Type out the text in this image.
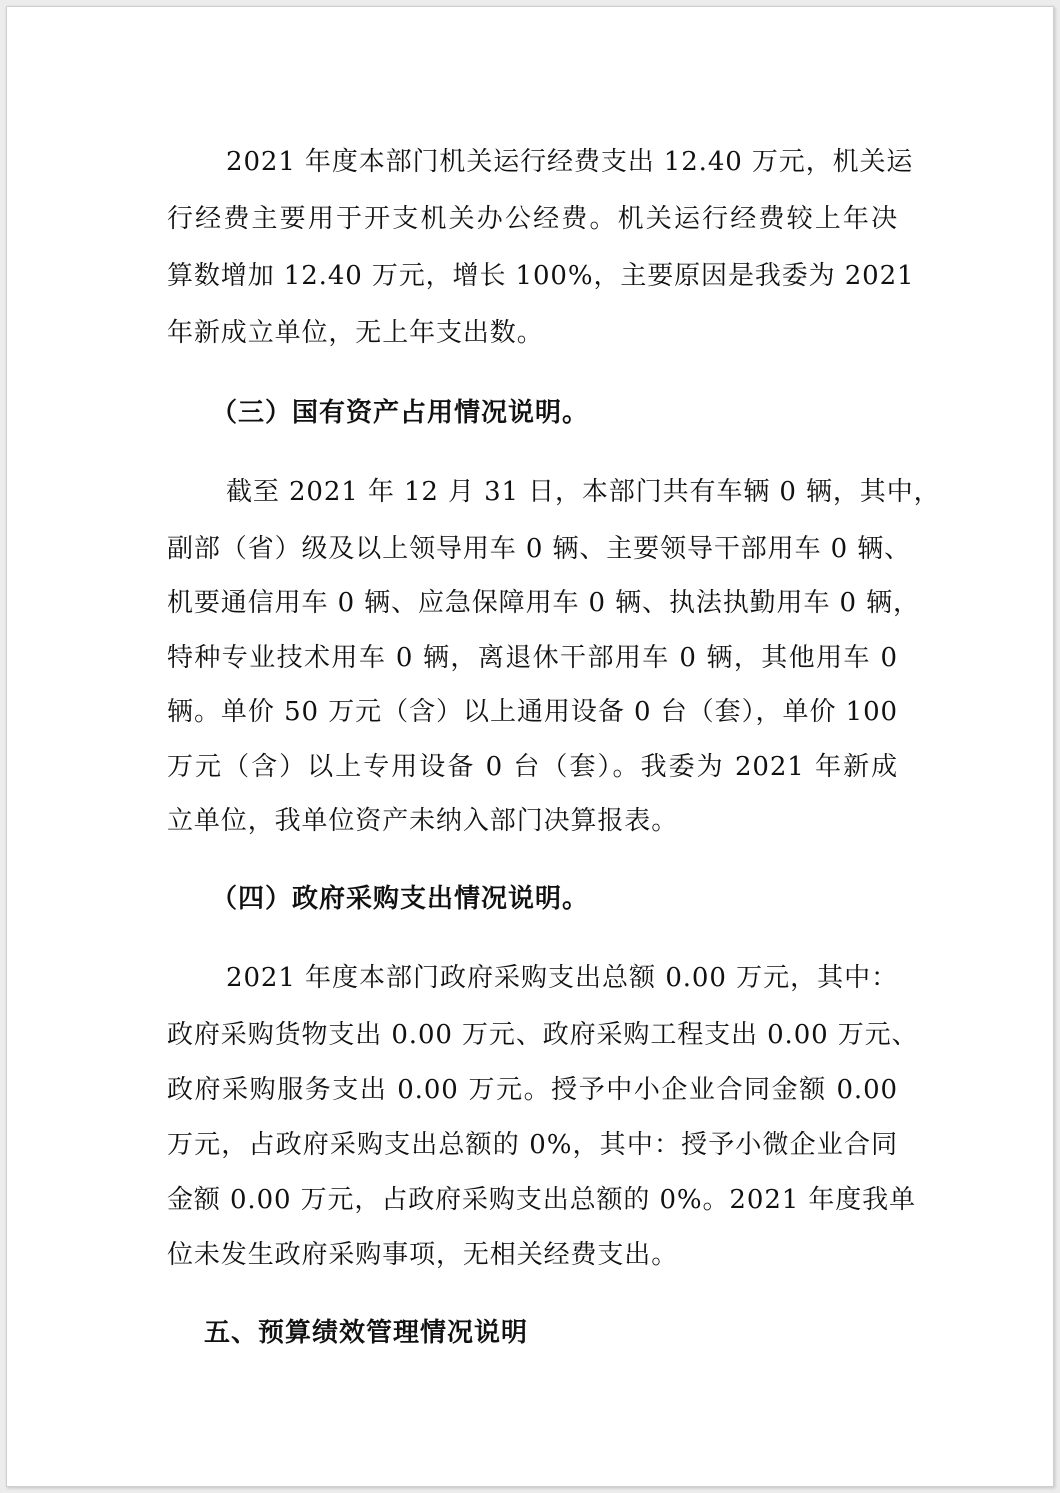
2021 年度本部门机关运行经费支出 12.40 万元，机关运
行经费主要用于开支机关办公经费。机关运行经费较上年决
算数增加 12.40 万元，增长 100%，主要原因是我委为 2021
年新成立单位，无上年支出数。
（三）国有资产占用情况说明。
截至 2021 年 12 月 31 日，本部门共有车辆 0 辆，其中，
副部（省）级及以上领导用车 0 辆、主要领导干部用车 0 辆、
机要通信用车 0 辆、应急保障用车 0 辆、执法执勤用车 0 辆，
特种专业技术用车 0 辆，离退休干部用车 0 辆，其他用车 0
辆。单价 50 万元（含）以上通用设备 0 台（套），单价 100
万元（含）以上专用设备 0 台（套）。我委为 2021 年新成
立单位，我单位资产未纳入部门决算报表。
（四）政府采购支出情况说明。
2021 年度本部门政府采购支出总额 0.00 万元，其中：
政府采购货物支出 0.00 万元、政府采购工程支出 0.00 万元、
政府采购服务支出 0.00 万元。授予中小企业合同金额 0.00
万元，占政府采购支出总额的 0%，其中：授予小微企业合同
金额 0.00 万元，占政府采购支出总额的 0%。2021 年度我单
位未发生政府采购事项，无相关经费支出。
五、预算绩效管理情况说明
